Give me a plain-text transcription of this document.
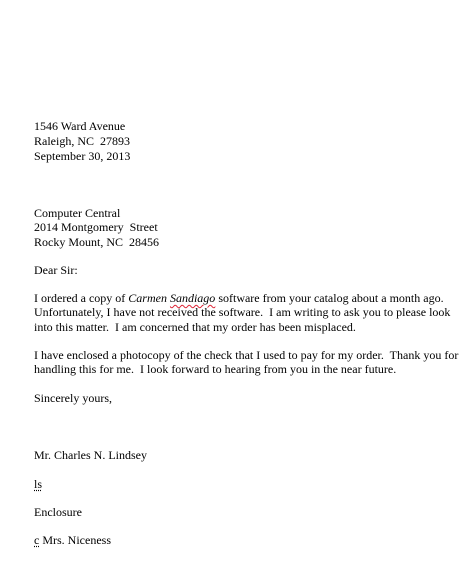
1546 Ward Avenue
Raleigh, NC  27893
September 30, 2013
Computer Central
2014 Montgomery  Street
Rocky Mount, NC  28456
Dear Sir:
I ordered a copy of Carmen Sandiago software from your catalog about a month ago.
Unfortunately, I have not received the software.  I am writing to ask you to please look
into this matter.  I am concerned that my order has been misplaced.
I have enclosed a photocopy of the check that I used to pay for my order.  Thank you for
handling this for me.  I look forward to hearing from you in the near future.
Sincerely yours,
Mr. Charles N. Lindsey
ls
Enclosure
c Mrs. Niceness
